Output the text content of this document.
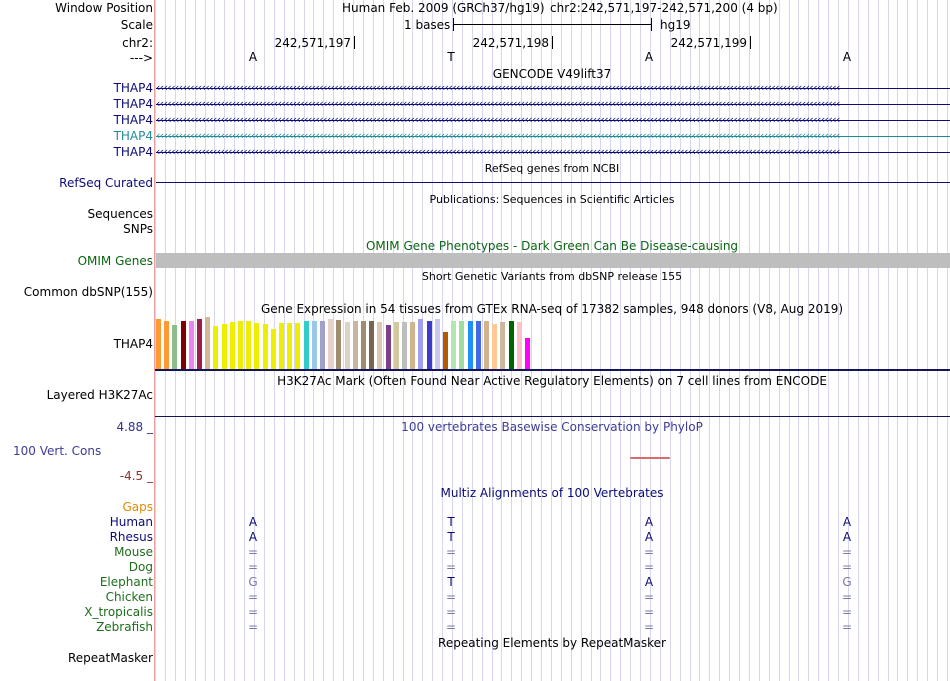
Window Position
Scale
chr2:
--->
Human Feb. 2009 (GRCh37/hg19) chr2:242,571,197-242,571,200 (4 bp)
1 bases	hg19
242,571,197	242,571,198	242,571,199
A	T	A	A
GENCODE V49lift37
THAP4 ‹‹‹‹‹‹‹‹‹‹‹‹‹‹‹‹‹‹‹‹‹‹‹‹‹‹‹‹‹‹‹‹‹‹‹‹‹‹‹‹‹‹‹‹‹‹‹‹‹‹‹‹‹‹‹‹‹‹‹‹‹‹‹‹‹‹‹‹‹‹‹‹‹‹‹‹‹‹‹‹‹‹‹‹‹‹‹‹‹‹‹‹‹‹‹‹‹‹‹‹‹‹‹‹‹‹‹‹‹‹‹‹‹‹‹‹‹‹‹‹‹‹‹‹‹‹‹‹‹‹‹‹‹‹‹‹‹‹‹‹‹‹‹‹‹‹‹‹‹‹‹‹‹‹‹‹‹‹‹‹‹‹‹‹‹‹‹‹‹‹‹‹‹‹‹‹‹‹‹‹
THAP4 ‹‹‹‹‹‹‹‹‹‹‹‹‹‹‹‹‹‹‹‹‹‹‹‹‹‹‹‹‹‹‹‹‹‹‹‹‹‹‹‹‹‹‹‹‹‹‹‹‹‹‹‹‹‹‹‹‹‹‹‹‹‹‹‹‹‹‹‹‹‹‹‹‹‹‹‹‹‹‹‹‹‹‹‹‹‹‹‹‹‹‹‹‹‹‹‹‹‹‹‹‹‹‹‹‹‹‹‹‹‹‹‹‹‹‹‹‹‹‹‹‹‹‹‹‹‹‹‹‹‹‹‹‹‹‹‹‹‹‹‹‹‹‹‹‹‹‹‹‹‹‹‹‹‹‹‹‹‹‹‹‹‹‹‹‹‹‹‹‹‹‹‹‹‹‹‹‹‹‹‹
THAP4 ‹‹‹‹‹‹‹‹‹‹‹‹‹‹‹‹‹‹‹‹‹‹‹‹‹‹‹‹‹‹‹‹‹‹‹‹‹‹‹‹‹‹‹‹‹‹‹‹‹‹‹‹‹‹‹‹‹‹‹‹‹‹‹‹‹‹‹‹‹‹‹‹‹‹‹‹‹‹‹‹‹‹‹‹‹‹‹‹‹‹‹‹‹‹‹‹‹‹‹‹‹‹‹‹‹‹‹‹‹‹‹‹‹‹‹‹‹‹‹‹‹‹‹‹‹‹‹‹‹‹‹‹‹‹‹‹‹‹‹‹‹‹‹‹‹‹‹‹‹‹‹‹‹‹‹‹‹‹‹‹‹‹‹‹‹‹‹‹‹‹‹‹‹‹‹‹‹‹‹‹
THAP4 ‹‹‹‹‹‹‹‹‹‹‹‹‹‹‹‹‹‹‹‹‹‹‹‹‹‹‹‹‹‹‹‹‹‹‹‹‹‹‹‹‹‹‹‹‹‹‹‹‹‹‹‹‹‹‹‹‹‹‹‹‹‹‹‹‹‹‹‹‹‹‹‹‹‹‹‹‹‹‹‹‹‹‹‹‹‹‹‹‹‹‹‹‹‹‹‹‹‹‹‹‹‹‹‹‹‹‹‹‹‹‹‹‹‹‹‹‹‹‹‹‹‹‹‹‹‹‹‹‹‹‹‹‹‹‹‹‹‹‹‹‹‹‹‹‹‹‹‹‹‹‹‹‹‹‹‹‹‹‹‹‹‹‹‹‹‹‹‹‹‹‹‹‹‹‹‹‹‹‹‹
THAP4 ‹‹‹‹‹‹‹‹‹‹‹‹‹‹‹‹‹‹‹‹‹‹‹‹‹‹‹‹‹‹‹‹‹‹‹‹‹‹‹‹‹‹‹‹‹‹‹‹‹‹‹‹‹‹‹‹‹‹‹‹‹‹‹‹‹‹‹‹‹‹‹‹‹‹‹‹‹‹‹‹‹‹‹‹‹‹‹‹‹‹‹‹‹‹‹‹‹‹‹‹‹‹‹‹‹‹‹‹‹‹‹‹‹‹‹‹‹‹‹‹‹‹‹‹‹‹‹‹‹‹‹‹‹‹‹‹‹‹‹‹‹‹‹‹‹‹‹‹‹‹‹‹‹‹‹‹‹‹‹‹‹‹‹‹‹‹‹‹‹‹‹‹‹‹‹‹‹‹‹‹
RefSeq genes from NCBI
RefSeq Curated
Publications: Sequences in Scientific Articles
Sequences
SNPs
OMIM Gene Phenotypes - Dark Green Can Be Disease-causing
OMIM Genes
Short Genetic Variants from dbSNP release 155
Common dbSNP(155)
Gene Expression in 54 tissues from GTEx RNA-seq of 17382 samples, 948 donors (V8, Aug 2019)
THAP4
H3K27Ac Mark (Often Found Near Active Regulatory Elements) on 7 cell lines from ENCODE
Layered H3K27Ac
4.88 _	100 vertebrates Basewise Conservation by PhyloP
100 Vert. Cons
-4.5 _
Multiz Alignments of 100 Vertebrates
Gaps
Human	A	T	A	A
Rhesus	A	T	A	A
Mouse	=	=	=	=
Dog	=	=	=	=
Elephant	G	T	A	G
Chicken	=	=	=	=
X_tropicalis	=	=	=	=
Zebrafish	=	=	=	=
Repeating Elements by RepeatMasker
RepeatMasker
